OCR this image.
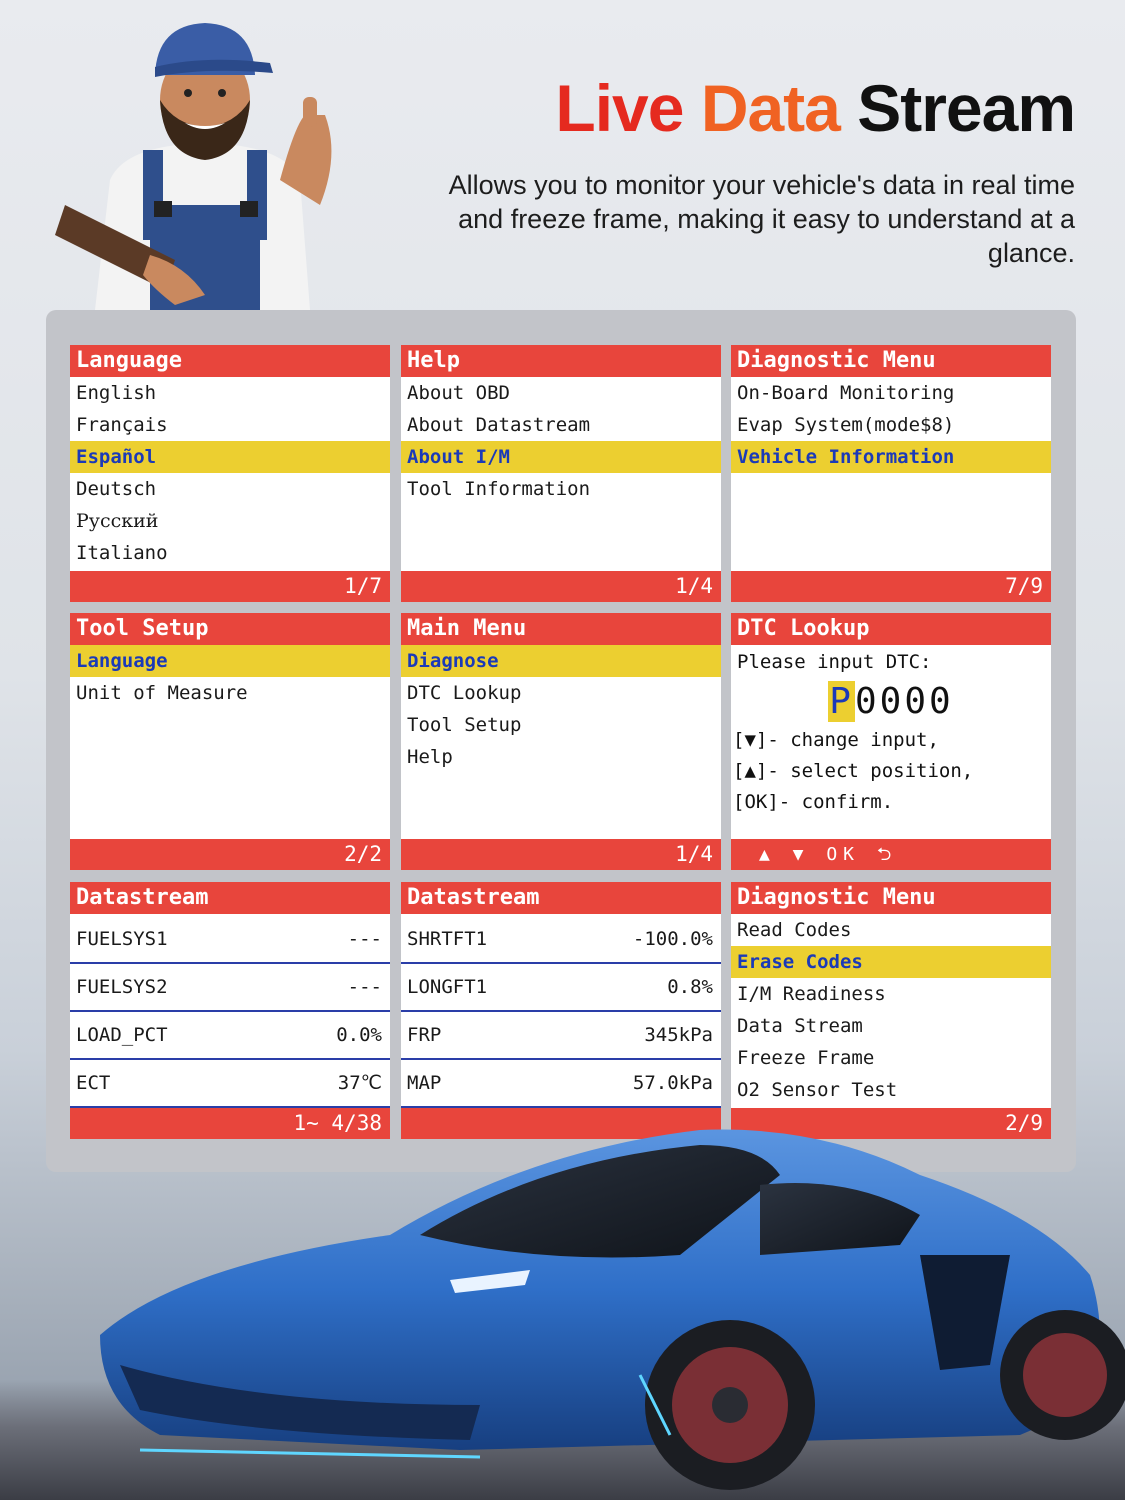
Live Data Stream

Allows you to monitor your vehicle's data in real time and freeze frame, making it easy to understand at a glance.

Language
English
Français
Español
Deutsch
Русский
Italiano
1/7
Help
About OBD
About Datastream
About I/M
Tool Information
1/4
Diagnostic Menu
On-Board Monitoring
Evap System(mode$8)
Vehicle Information
7/9
Tool Setup
Language
Unit of Measure
2/2
Main Menu
Diagnose
DTC Lookup
Tool Setup
Help
1/4
DTC Lookup
Please input DTC:
P0000
[▼]- change input,
[▲]- select position,
[OK]- confirm.
▲ ▼ OK ⮌
Datastream
FUELSYS1	---
FUELSYS2	---
LOAD_PCT	0.0%
ECT	37℃
1~ 4/38
Datastream
SHRTFT1	-100.0%
LONGFT1	0.8%
FRP	345kPa
MAP	57.0kPa
Diagnostic Menu
Read Codes
Erase Codes
I/M Readiness
Data Stream
Freeze Frame
O2 Sensor Test
2/9
